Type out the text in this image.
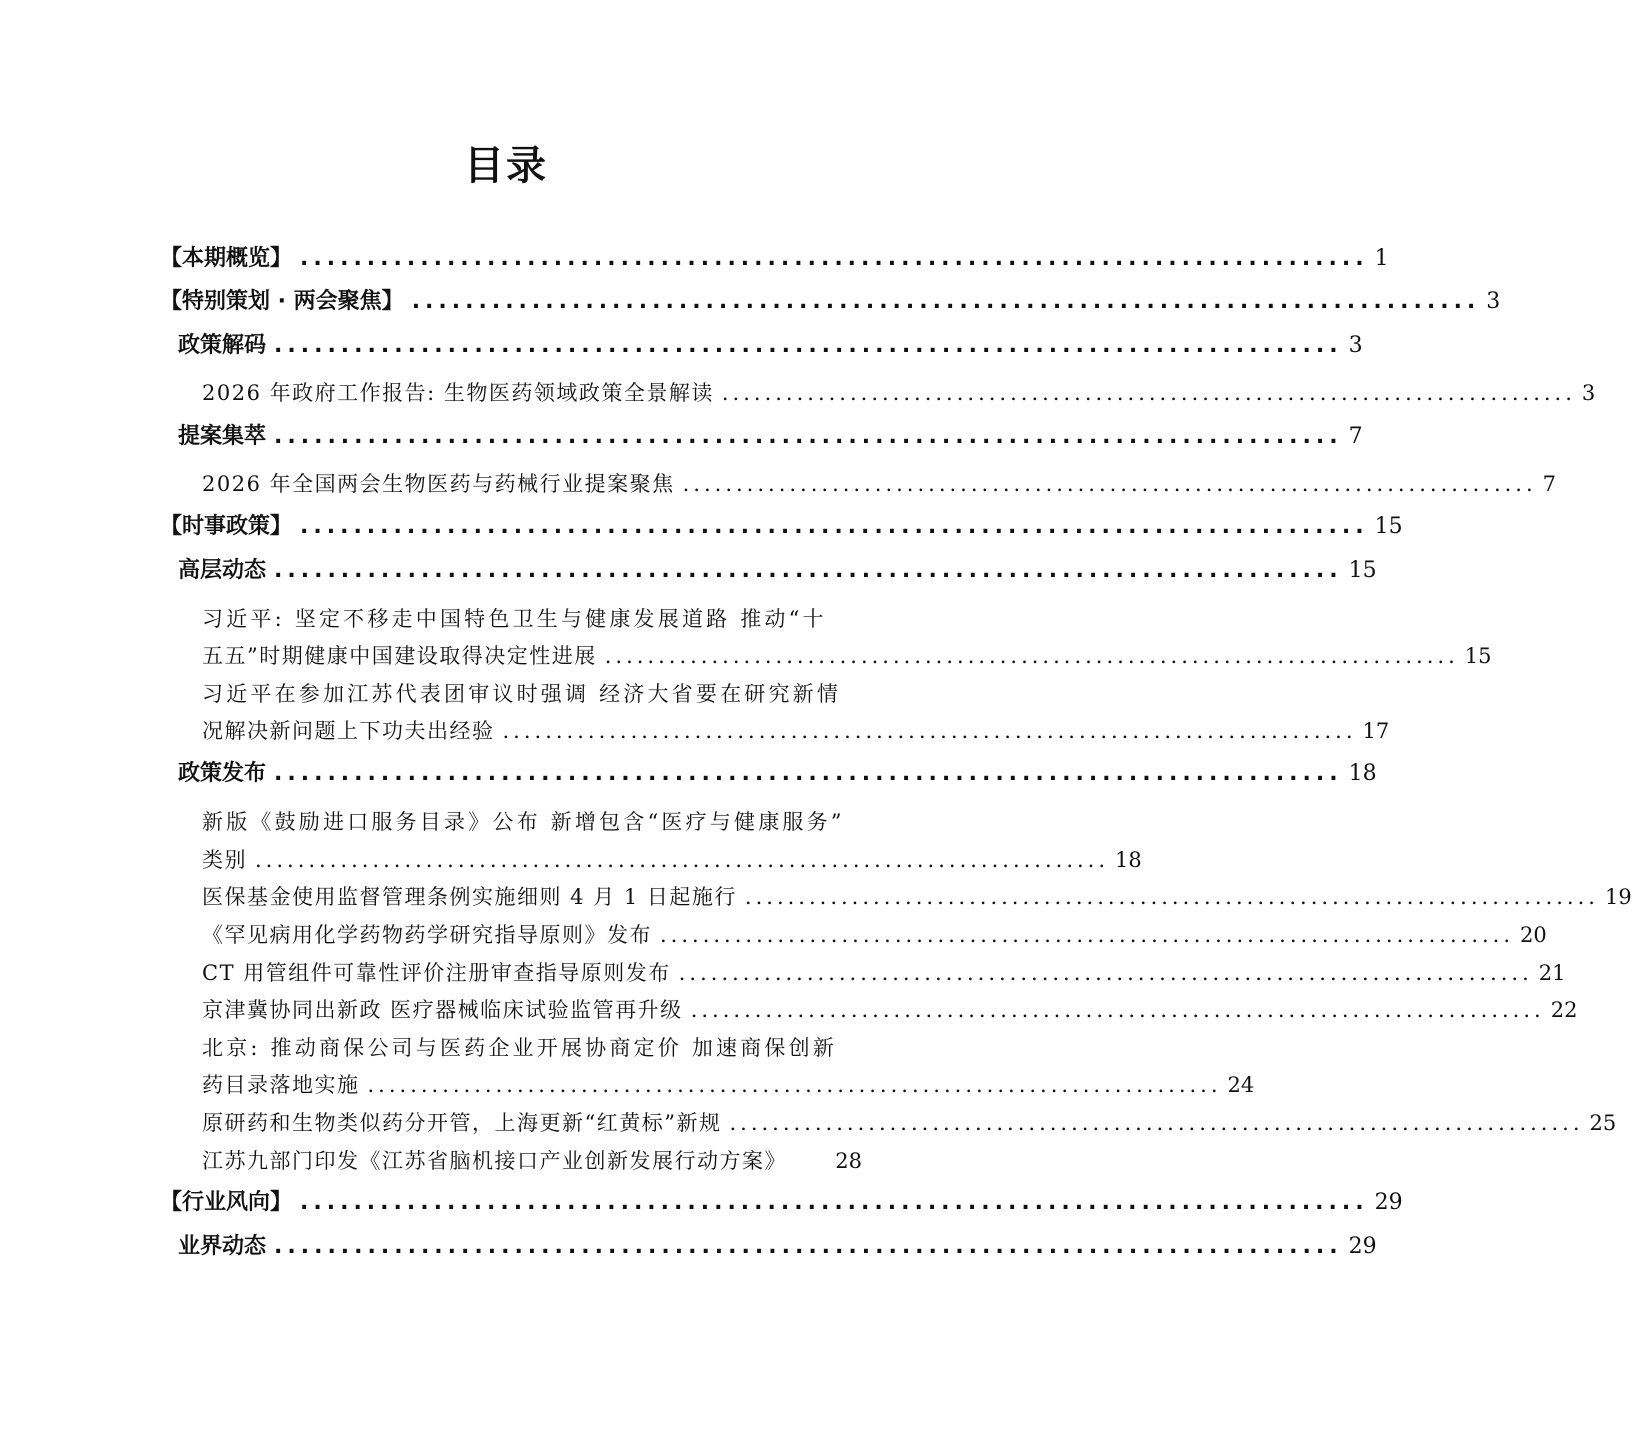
目录
【本期概览】 ................................................................................ 1
【特别策划 · 两会聚焦】 ................................................................................ 3
政策解码 ................................................................................ 3
2026 年政府工作报告: 生物医药领域政策全景解读 ................................................................................ 3
提案集萃 ................................................................................ 7
2026 年全国两会生物医药与药械行业提案聚焦 ................................................................................ 7
【时事政策】 ................................................................................ 15
高层动态 ................................................................................ 15
习近平: 坚定不移走中国特色卫生与健康发展道路 推动“十
五五”时期健康中国建设取得决定性进展 ................................................................................ 15
习近平在参加江苏代表团审议时强调 经济大省要在研究新情
况解决新问题上下功夫出经验 ................................................................................ 17
政策发布 ................................................................................ 18
新版《鼓励进口服务目录》公布 新增包含“医疗与健康服务”
类别 ................................................................................ 18
医保基金使用监督管理条例实施细则 4 月 1 日起施行 ................................................................................ 19
《罕见病用化学药物药学研究指导原则》发布 ................................................................................ 20
CT 用管组件可靠性评价注册审查指导原则发布 ................................................................................ 21
京津冀协同出新政 医疗器械临床试验监管再升级 ................................................................................ 22
北京: 推动商保公司与医药企业开展协商定价 加速商保创新
药目录落地实施 ................................................................................ 24
原研药和生物类似药分开管，上海更新“红黄标”新规 ................................................................................ 25
江苏九部门印发《江苏省脑机接口产业创新发展行动方案》 28
【行业风向】 ................................................................................ 29
业界动态 ................................................................................ 29
